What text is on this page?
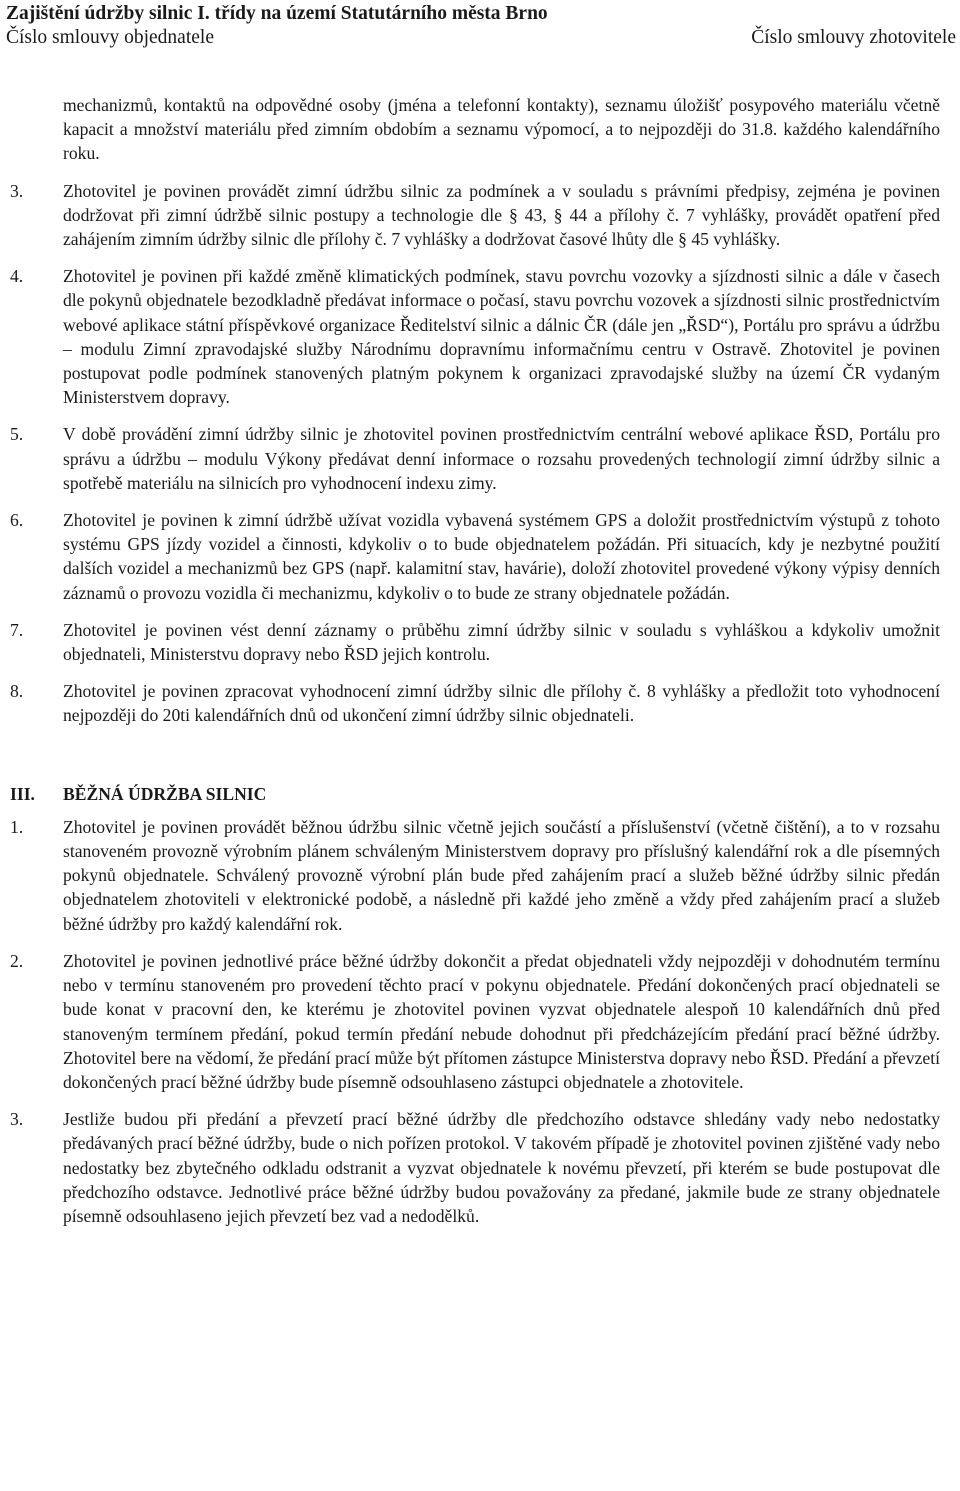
Zajištění údržby silnic I. třídy na území Statutárního města Brno
Číslo smlouvy objednatele	Číslo smlouvy zhotovitele
mechanizmů, kontaktů na odpovědné osoby (jména a telefonní kontakty), seznamu úložišť posypového materiálu včetně kapacit a množství materiálu před zimním obdobím a seznamu výpomocí, a to nejpozději do 31.8. každého kalendářního roku.
3.	Zhotovitel je povinen provádět zimní údržbu silnic za podmínek a v souladu s právními předpisy, zejména je povinen dodržovat při zimní údržbě silnic postupy a technologie dle § 43, § 44 a přílohy č. 7 vyhlášky, provádět opatření před zahájením zimním údržby silnic dle přílohy č. 7 vyhlášky a dodržovat časové lhůty dle § 45 vyhlášky.
4.	Zhotovitel je povinen při každé změně klimatických podmínek, stavu povrchu vozovky a sjízdnosti silnic a dále v časech dle pokynů objednatele bezodkladně předávat informace o počasí, stavu povrchu vozovek a sjízdnosti silnic prostřednictvím webové aplikace státní příspěvkové organizace Ředitelství silnic a dálnic ČR (dále jen „ŘSD“), Portálu pro správu a údržbu – modulu Zimní zpravodajské služby Národnímu dopravnímu informačnímu centru v Ostravě. Zhotovitel je povinen postupovat podle podmínek stanovených platným pokynem k organizaci zpravodajské služby na území ČR vydaným Ministerstvem dopravy.
5.	V době provádění zimní údržby silnic je zhotovitel povinen prostřednictvím centrální webové aplikace ŘSD, Portálu pro správu a údržbu – modulu Výkony předávat denní informace o rozsahu provedených technologií zimní údržby silnic a spotřebě materiálu na silnicích pro vyhodnocení indexu zimy.
6.	Zhotovitel je povinen k zimní údržbě užívat vozidla vybavená systémem GPS a doložit prostřednictvím výstupů z tohoto systému GPS jízdy vozidel a činnosti, kdykoliv o to bude objednatelem požádán. Při situacích, kdy je nezbytné použití dalších vozidel a mechanizmů bez GPS (např. kalamitní stav, havárie), doloží zhotovitel provedené výkony výpisy denních záznamů o provozu vozidla či mechanizmu, kdykoliv o to bude ze strany objednatele požádán.
7.	Zhotovitel je povinen vést denní záznamy o průběhu zimní údržby silnic v souladu s vyhláškou a kdykoliv umožnit objednateli, Ministerstvu dopravy nebo ŘSD jejich kontrolu.
8.	Zhotovitel je povinen zpracovat vyhodnocení zimní údržby silnic dle přílohy č. 8 vyhlášky a předložit toto vyhodnocení nejpozději do 20ti kalendářních dnů od ukončení zimní údržby silnic objednateli.
III.	BĚŽNÁ ÚDRŽBA SILNIC
1.	Zhotovitel je povinen provádět běžnou údržbu silnic včetně jejich součástí a příslušenství (včetně čištění), a to v rozsahu stanoveném provozně výrobním plánem schváleným Ministerstvem dopravy pro příslušný kalendářní rok a dle písemných pokynů objednatele. Schválený provozně výrobní plán bude před zahájením prací a služeb běžné údržby silnic předán objednatelem zhotoviteli v elektronické podobě, a následně při každé jeho změně a vždy před zahájením prací a služeb běžné údržby pro každý kalendářní rok.
2.	Zhotovitel je povinen jednotlivé práce běžné údržby dokončit a předat objednateli vždy nejpozději v dohodnutém termínu nebo v termínu stanoveném pro provedení těchto prací v pokynu objednatele. Předání dokončených prací objednateli se bude konat v pracovní den, ke kterému je zhotovitel povinen vyzvat objednatele alespoň 10 kalendářních dnů před stanoveným termínem předání, pokud termín předání nebude dohodnut při předcházejícím předání prací běžné údržby. Zhotovitel bere na vědomí, že předání prací může být přítomen zástupce Ministerstva dopravy nebo ŘSD. Předání a převzetí dokončených prací běžné údržby bude písemně odsouhlaseno zástupci objednatele a zhotovitele.
3.	Jestliže budou při předání a převzetí prací běžné údržby dle předchozího odstavce shledány vady nebo nedostatky předávaných prací běžné údržby, bude o nich pořízen protokol. V takovém případě je zhotovitel povinen zjištěné vady nebo nedostatky bez zbytečného odkladu odstranit a vyzvat objednatele k novému převzetí, při kterém se bude postupovat dle předchozího odstavce. Jednotlivé práce běžné údržby budou považovány za předané, jakmile bude ze strany objednatele písemně odsouhlaseno jejich převzetí bez vad a nedodělků.
